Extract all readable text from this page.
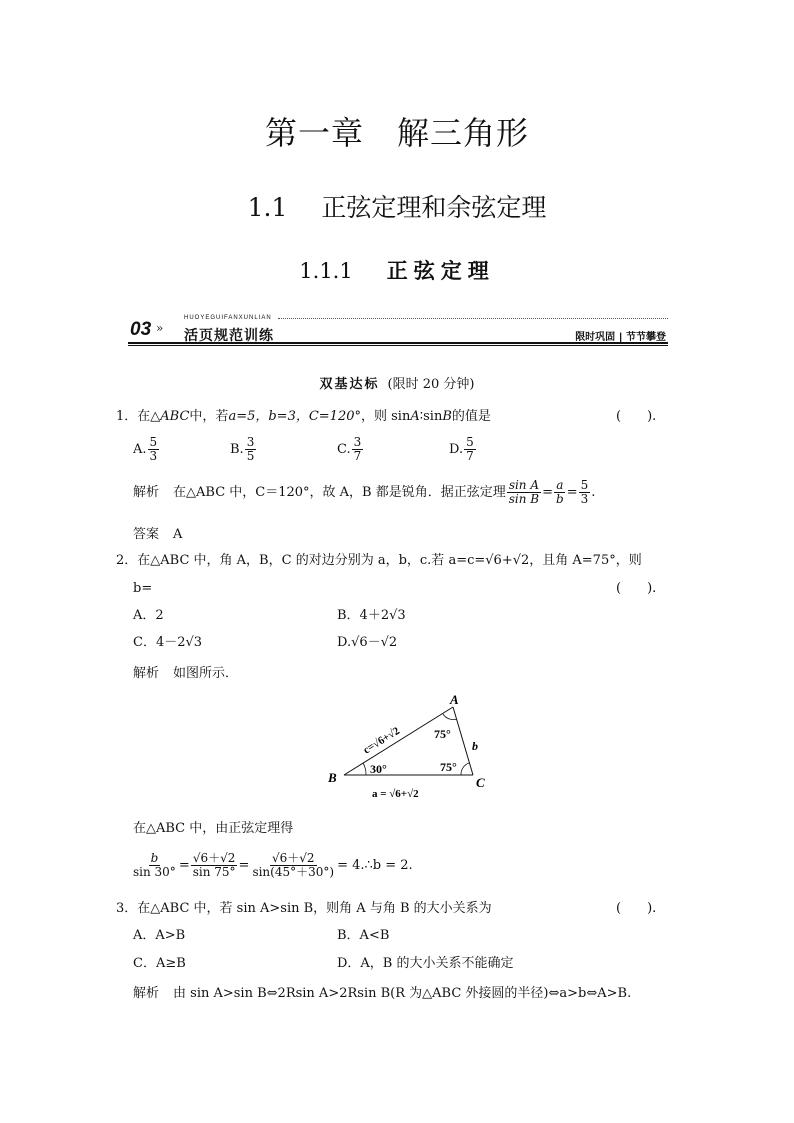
第一章　解三角形
1.1 正弦定理和余弦定理
1.1.1 正弦定理
HUOYEGUIFANXUNLIAN
03 » 活页规范训练	限时巩固 | 节节攀登
双基达标 (限时 20 分钟)
1．在△ABC中，若a=5，b=3，C=120°，则 sinA∶sinB的值是	(　　).
A. $\frac{5}{3}$	B. $\frac{3}{5}$	C. $\frac{3}{7}$	D. $\frac{5}{7}$
解析 在△ABC 中，C＝120°，故 A，B 都是锐角．据正弦定理 $\frac{\text{sin A}}{\text{sin B}} = \frac{a}{b} = \frac{5}{3}$ .
答案 A
2．在△ABC 中，角 A，B，C 的对边分别为 a，b，c.若 a=c=√6+√2，且角 A=75°，则
b=	(　　).
A．2	B．4＋2√3
C．4－2√3	D.√6－√2
解析 如图所示．
A
B	C
75°
30°	75°
b
c=√6+√2
a = √6+√2
在△ABC 中，由正弦定理得
$\frac{b}{\sin 30^\circ} = \frac{√6+√2}{\sin 75^\circ} = \frac{√6+√2}{\sin(45^\circ+30^\circ)}$ = 4.∴b = 2.
3．在△ABC 中，若 sin A>sin B，则角 A 与角 B 的大小关系为	(　　).
A．A>B	B．A<B
C．A≥B	D．A，B 的大小关系不能确定
解析 由 sin A>sin B⇔2Rsin A>2Rsin B(R 为△ABC 外接圆的半径)⇔a>b⇔A>B.
